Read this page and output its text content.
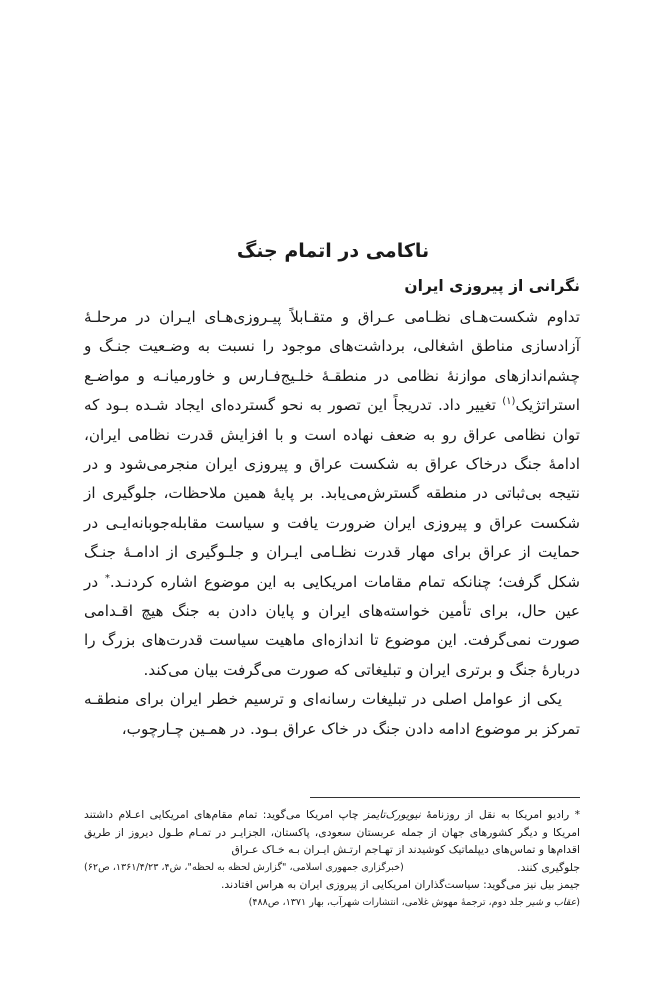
ناکامی در اتمام جنگ
نگرانی از پیروزی ایران

تداوم شکست‌هـای نظـامی عـراق و متقـابلاً پیـروزی‌هـای ایـران در مرحلـهٔ آزادسازی مناطق اشغالی، برداشت‌های موجود را نسبت به وضـعیت جنـگ و چشم‌اندازهای موازنهٔ نظامی در منطقـهٔ خلـیج‌فـارس و خاورمیانـه و مواضـع استراتژیک$^{(۱)}$ تغییر داد. تدریجاً این تصور به نحو گسترده‌ای ایجاد شـده بـود که توان نظامی عراق رو به ضعف نهاده است و با افزایش قدرت نظامی ایران، ادامهٔ جنگ درخاک عراق به شکست عراق و پیروزی ایران منجرمی‌شود و در نتیجه بی‌ثباتی در منطقه گسترش‌می‌یابد. بر پایهٔ همین ملاحظات، جلوگیری از شکست عراق و پیروزی ایران ضرورت یافت و سیاست مقابله‌جوبانه‌ایـی در حمایت از عراق برای مهار قدرت نظـامی ایـران و جلـوگیری از ادامـهٔ جنـگ شکل گرفت؛ چنانکه تمام مقامات امریکایی به این موضوع اشاره کردنـد.* در عین حال، برای تأمین خواسته‌های ایران و پایان دادن به جنگ هیچ اقـدامی صورت نمی‌گرفت. این موضوع تا اندازه‌ای ماهیت سیاست قدرت‌های بزرگ را دربارهٔ جنگ و برتری ایران و تبلیغاتی که صورت می‌گرفت بیان می‌کند.

یکی از عوامل اصلی در تبلیغات رسانه‌ای و ترسیم خطر ایران برای منطقـه تمرکز بر موضوع ادامه دادن جنگ در خاک عراق بـود. در همـین چـارچوب،

* رادیو امریکا به نقل از روزنامهٔ نیویورک‌تایمز چاپ امریکا می‌گوید: تمام مقام‌های امریکایی اعـلام داشتند امریکا و دیگر کشورهای جهان از جمله عربستان سعودی، پاکستان، الجزایـر در تمـام طـول دیروز از طریق اقدام‌ها و تماس‌های دیپلماتیک کوشیدند از تهـاجم ارتـش ایـران بـه خـاک عـراق

جلوگیری کنند.
(خبرگزاری جمهوری اسلامی، "گزارش لحظه به لحظه"، ش۴، ۱۳۶۱/۴/۲۳، ص۶۲)

جیمز بیل نیز می‌گوید: سیاست‌گذاران امریکایی از پیروزی ایران به هراس افتادند.

(عقاب و شیر جلد دوم، ترجمهٔ مهوش غلامی، انتشارات شهرآب، بهار ۱۳۷۱، ص۴۸۸)
